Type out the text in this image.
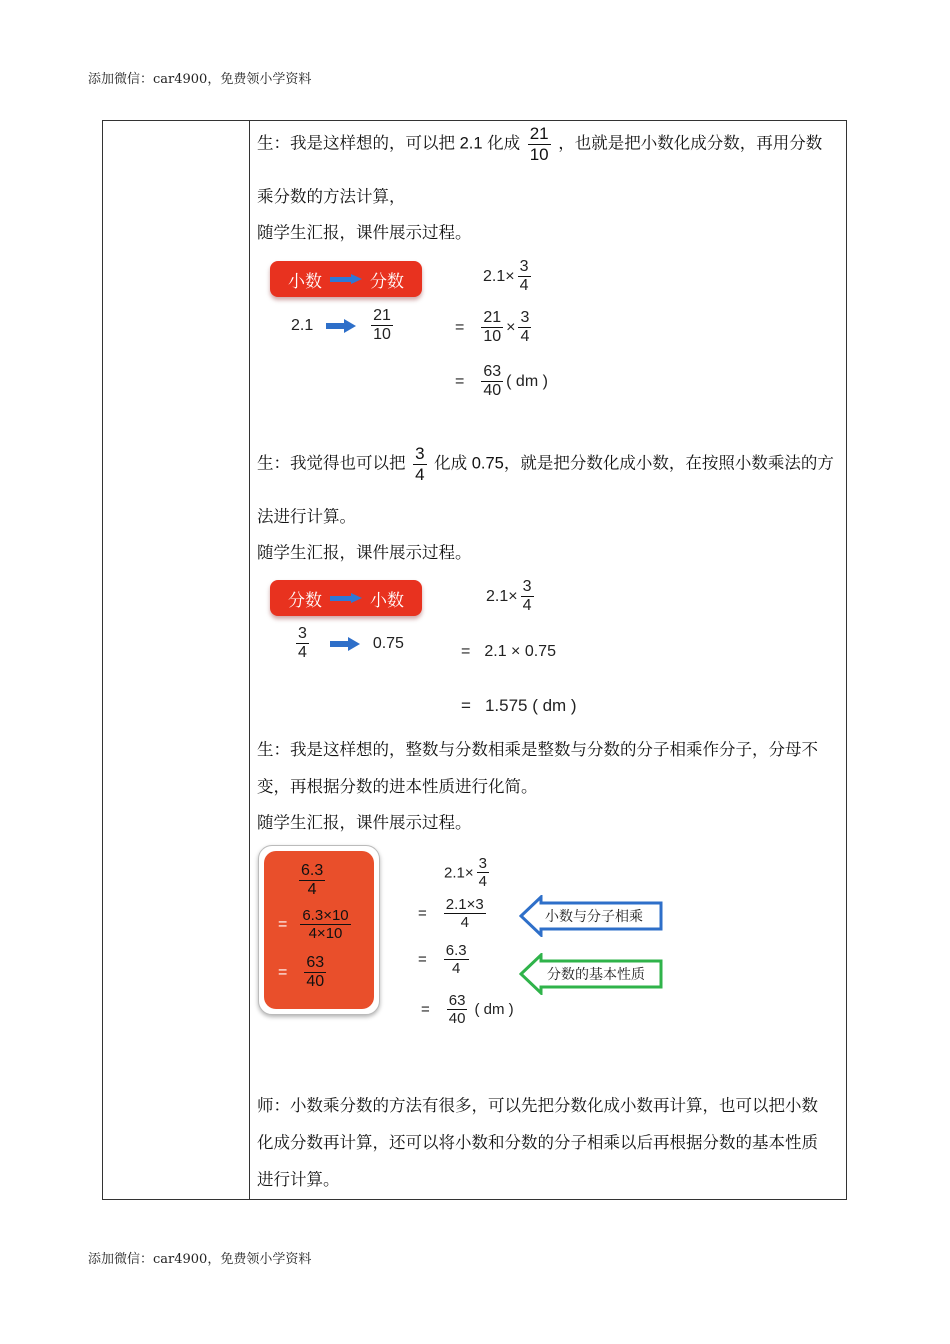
添加微信：car4900，免费领小学资料
生：我是这样想的，可以把 2.1 化成 $\frac{21}{10}$ ，也就是把小数化成分数，再用分数
乘分数的方法计算，
随学生汇报，课件展示过程。
小数	分数
2.1	$\frac{21}{10}$
$2.1\times \frac{3}{4}$
= $\frac{21}{10} \times \frac{3}{4}$
= $\frac{63}{40}$ ( dm )
生：我觉得也可以把 $\frac{3}{4}$ 化成 0.75，就是把分数化成小数，在按照小数乘法的方
法进行计算。
随学生汇报，课件展示过程。
分数	小数
$\frac{3}{4}$	0.75
$2.1\times \frac{3}{4}$
= 2.1 × 0.75
= 1.575 ( dm )
生：我是这样想的，整数与分数相乘是整数与分数的分子相乘作分子，分母不
变，再根据分数的进本性质进行化简。
随学生汇报，课件展示过程。
$\frac{6.3}{4}$
= $\frac{6.3\times 10}{4\times 10}$
= $\frac{63}{40}$
$2.1\times \frac{3}{4}$
= $\frac{2.1\times 3}{4}$
= $\frac{6.3}{4}$
= $\frac{63}{40}$ ( dm )
小数与分子相乘
分数的基本性质
师：小数乘分数的方法有很多，可以先把分数化成小数再计算，也可以把小数
化成分数再计算，还可以将小数和分数的分子相乘以后再根据分数的基本性质
进行计算。
添加微信：car4900，免费领小学资料
